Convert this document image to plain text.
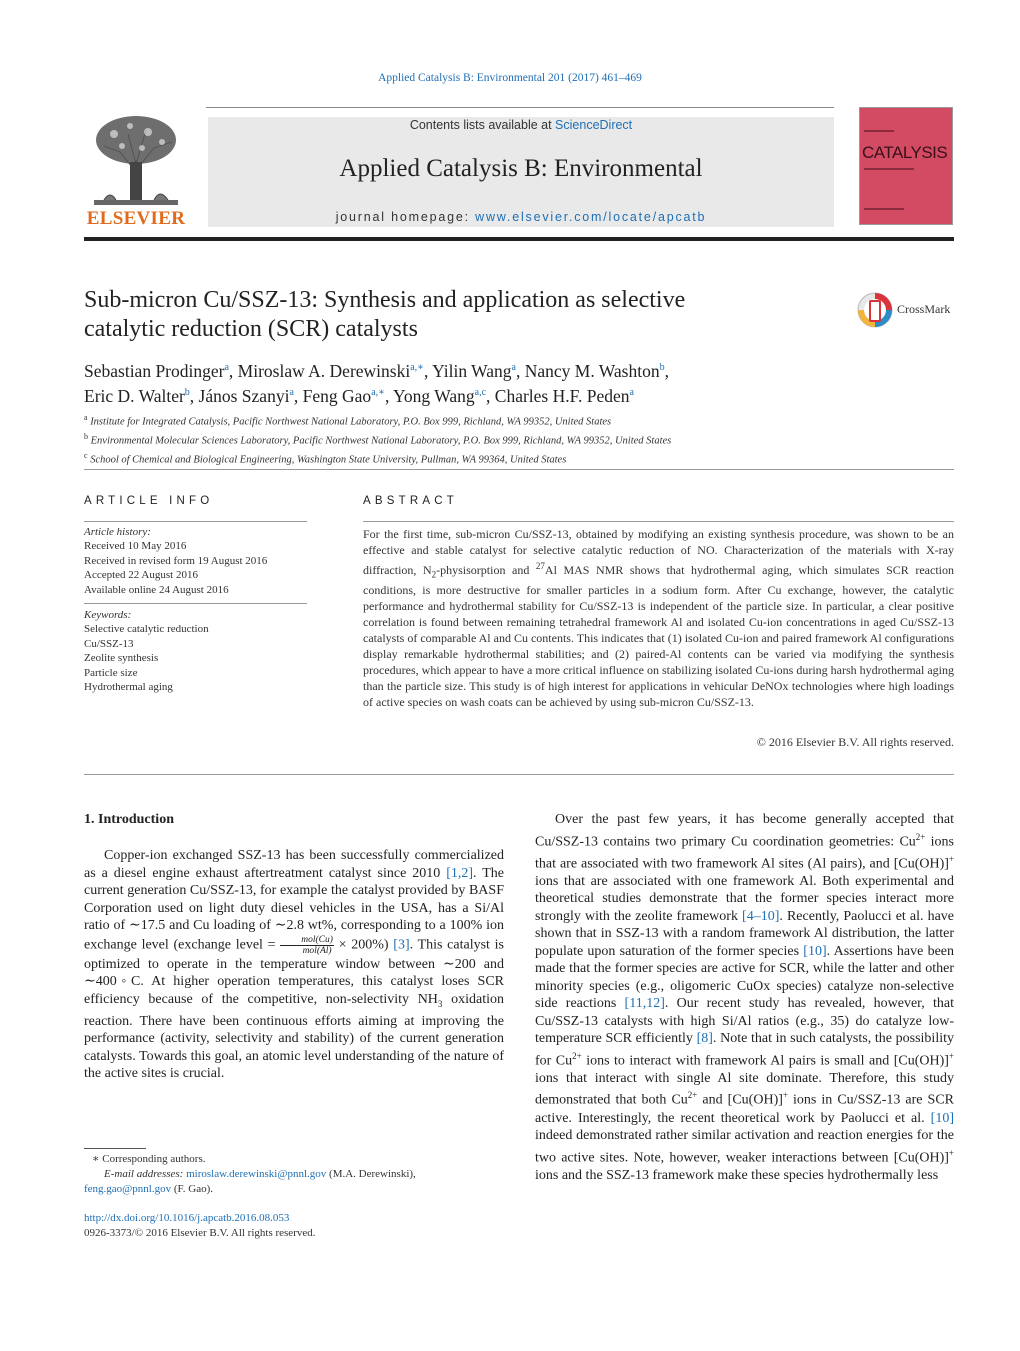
Applied Catalysis B: Environmental 201 (2017) 461–469
ELSEVIER
Contents lists available at ScienceDirect
Applied Catalysis B: Environmental
journal homepage: www.elsevier.com/locate/apcatb
CATALYSIS
Sub-micron Cu/SSZ-13: Synthesis and application as selective
catalytic reduction (SCR) catalysts
CrossMark
Sebastian Prodinger$^a$, Miroslaw A. Derewinski$^{a,∗}$, Yilin Wang$^a$, Nancy M. Washton$^b$,
Eric D. Walter$^b$, János Szanyi$^a$, Feng Gao$^{a,∗}$, Yong Wang$^{a,c}$, Charles H.F. Peden$^a$
$^a$ Institute for Integrated Catalysis, Pacific Northwest National Laboratory, P.O. Box 999, Richland, WA 99352, United States
$^b$ Environmental Molecular Sciences Laboratory, Pacific Northwest National Laboratory, P.O. Box 999, Richland, WA 99352, United States
$^c$ School of Chemical and Biological Engineering, Washington State University, Pullman, WA 99364, United States
ARTICLE INFO
Article history:
Received 10 May 2016
Received in revised form 19 August 2016
Accepted 22 August 2016
Available online 24 August 2016
Keywords:
Selective catalytic reduction
Cu/SSZ-13
Zeolite synthesis
Particle size
Hydrothermal aging
ABSTRACT
For the first time, sub-micron Cu/SSZ-13, obtained by modifying an existing synthesis procedure, was shown to be an effective and stable catalyst for selective catalytic reduction of NO. Characterization of the materials with X-ray diffraction, $N_2$-physisorption and $^{27}$Al MAS NMR shows that hydrothermal aging, which simulates SCR reaction conditions, is more destructive for smaller particles in a sodium form. After Cu exchange, however, the catalytic performance and hydrothermal stability for Cu/SSZ-13 is independent of the particle size. In particular, a clear positive correlation is found between remaining tetrahedral framework Al and isolated Cu-ion concentrations in aged Cu/SSZ-13 catalysts of comparable Al and Cu contents. This indicates that (1) isolated Cu-ion and paired framework Al configurations display remarkable hydrothermal stabilities; and (2) paired-Al contents can be varied via modifying the synthesis procedures, which appear to have a more critical influence on stabilizing isolated Cu-ions during harsh hydrothermal aging than the particle size. This study is of high interest for applications in vehicular DeNOx technologies where high loadings of active species on wash coats can be achieved by using sub-micron Cu/SSZ-13.
© 2016 Elsevier B.V. All rights reserved.
1. Introduction

Copper-ion exchanged SSZ-13 has been successfully commercialized as a diesel engine exhaust aftertreatment catalyst since 2010 [1,2]. The current generation Cu/SSZ-13, for example the catalyst provided by BASF Corporation used on light duty diesel vehicles in the USA, has a Si/Al ratio of ∼17.5 and Cu loading of ∼2.8 wt%, corresponding to a 100% ion exchange level (exchange level = $\frac{\text{mol(Cu)}}{\text{mol(Al)}} \times 200\%$) [3]. This catalyst is optimized to operate in the temperature window between ∼200 and ∼400◦C. At higher operation temperatures, this catalyst loses SCR efficiency because of the competitive, non-selectivity $NH_3$ oxidation reaction. There have been continuous efforts aiming at improving the performance (activity, selectivity and stability) of the current generation catalysts. Towards this goal, an atomic level understanding of the nature of the active sites is crucial.

Over the past few years, it has become generally accepted that Cu/SSZ-13 contains two primary Cu coordination geometries: $Cu^{2+}$ ions that are associated with two framework Al sites (Al pairs), and [Cu(OH)]+ ions that are associated with one framework Al. Both experimental and theoretical studies demonstrate that the former species interact more strongly with the zeolite framework [4–10]. Recently, Paolucci et al. have shown that in SSZ-13 with a random framework Al distribution, the latter populate upon saturation of the former species [10]. Assertions have been made that the former species are active for SCR, while the latter and other minority species (e.g., oligomeric CuOx species) catalyze non-selective side reactions [11,12]. Our recent study has revealed, however, that Cu/SSZ-13 catalysts with high Si/Al ratios (e.g., 35) do catalyze low-temperature SCR efficiently [8]. Note that in such catalysts, the possibility for $Cu^{2+}$ ions to interact with framework Al pairs is small and [Cu(OH)]+ ions that interact with single Al site dominate. Therefore, this study demonstrated that both $Cu^{2+}$ and [Cu(OH)]+ ions in Cu/SSZ-13 are SCR active. Interestingly, the recent theoretical work by Paolucci et al. [10] indeed demonstrated rather similar activation and reaction energies for the two active sites. Note, however, weaker interactions between [Cu(OH)]+ ions and the SSZ-13 framework make these species hydrothermally less

∗ Corresponding authors.
E-mail addresses: miroslaw.derewinski@pnnl.gov (M.A. Derewinski),
feng.gao@pnnl.gov (F. Gao).
http://dx.doi.org/10.1016/j.apcatb.2016.08.053
0926-3373/© 2016 Elsevier B.V. All rights reserved.
